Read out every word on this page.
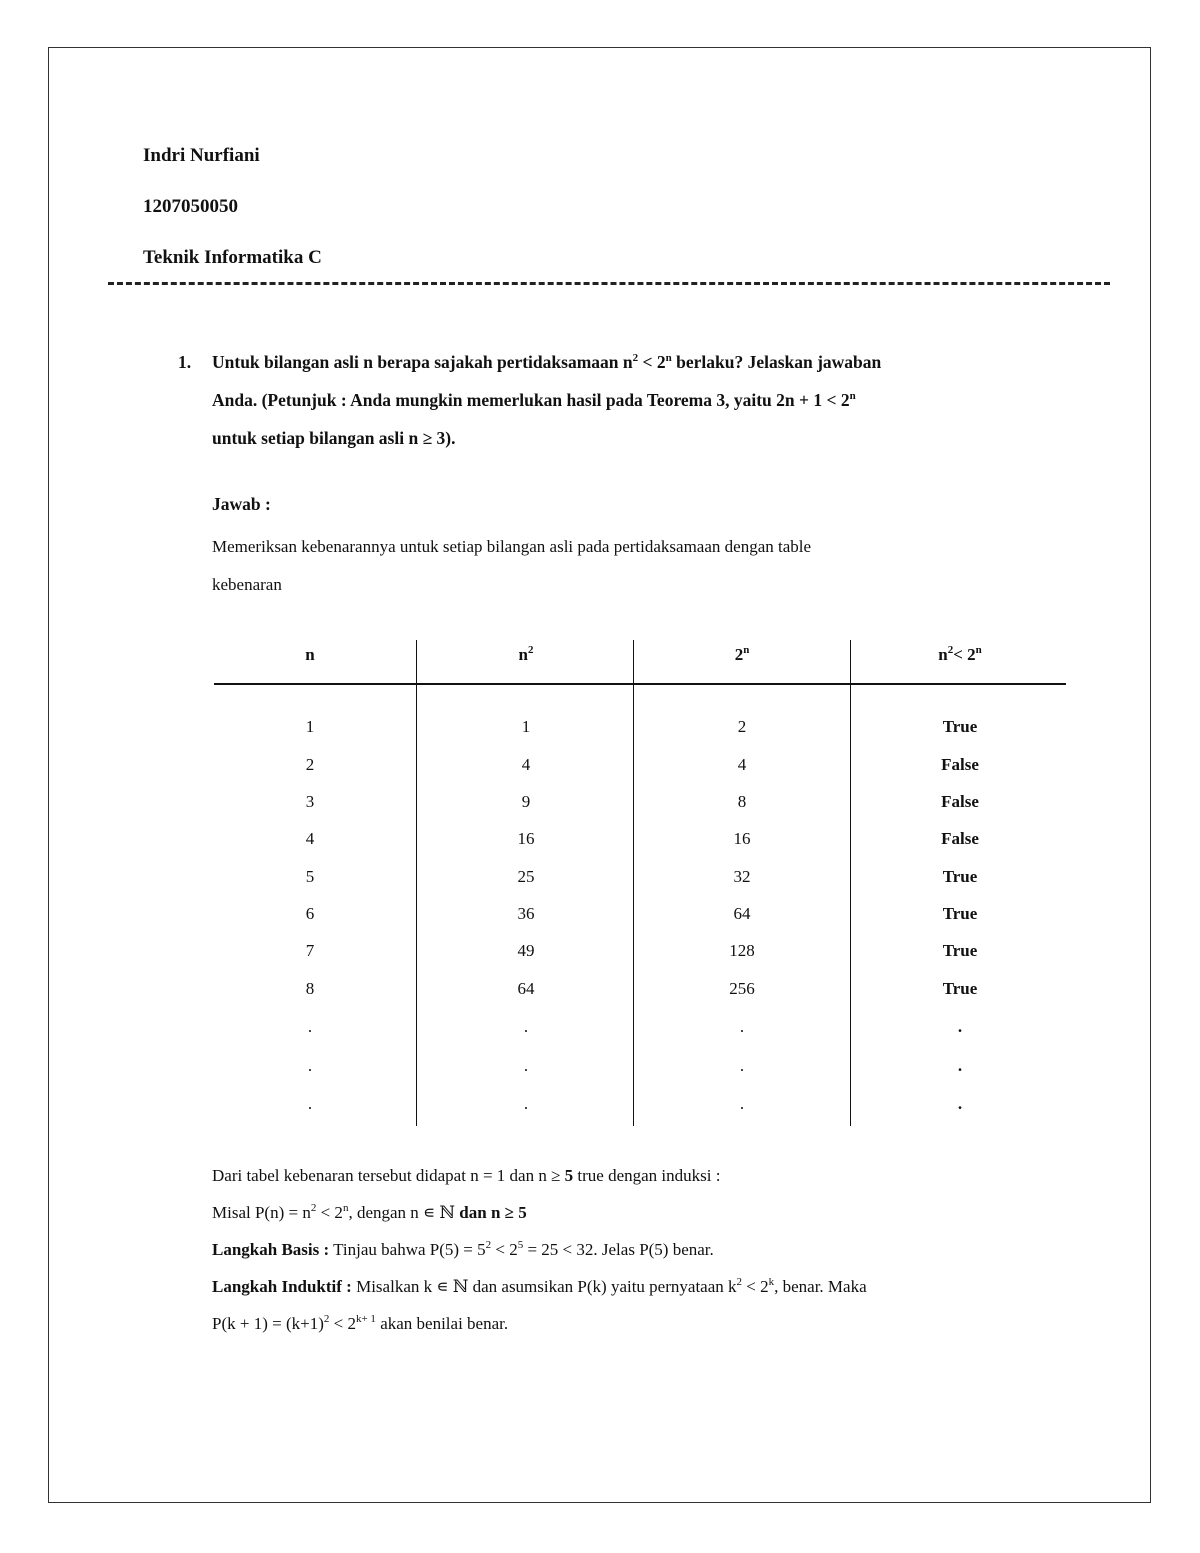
Indri Nurfiani
1207050050
Teknik Informatika C
1. Untuk bilangan asli n berapa sajakah pertidaksamaan $n^2 < 2^n$ berlaku? Jelaskan jawaban
Anda. (Petunjuk : Anda mungkin memerlukan hasil pada Teorema 3, yaitu $2n + 1 < 2^n$
untuk setiap bilangan asli n ≥ 3).
Jawab :
Memeriksan kebenarannya untuk setiap bilangan asli pada pertidaksamaan dengan table
kebenaran
n	$n^2$	2$^n$	$n^2< 2^n$
1	1	2	True
2	4	4	False
3	9	8	False
4	16	16	False
5	25	32	True
6	36	64	True
7	49	128	True
8	64	256	True
.	.	.	.
.	.	.	.
.	.	.	.

Dari tabel kebenaran tersebut didapat n = 1 dan n ≥ 5 true dengan induksi :

Misal $P(n) = n^2 < 2^n$, dengan n ∊ ℕ dan n ≥ 5

Langkah Basis : Tinjau bahwa $P(5) = 5^2 < 2^5 = 25 < 32$. Jelas P(5) benar.

Langkah Induktif : Misalkan k ∊ ℕ dan asumsikan P(k) yaitu pernyataan $k^2 < 2^k$, benar. Maka

$P(k + 1) = (k+1)^2 < 2^{k+ 1}$ akan benilai benar.
